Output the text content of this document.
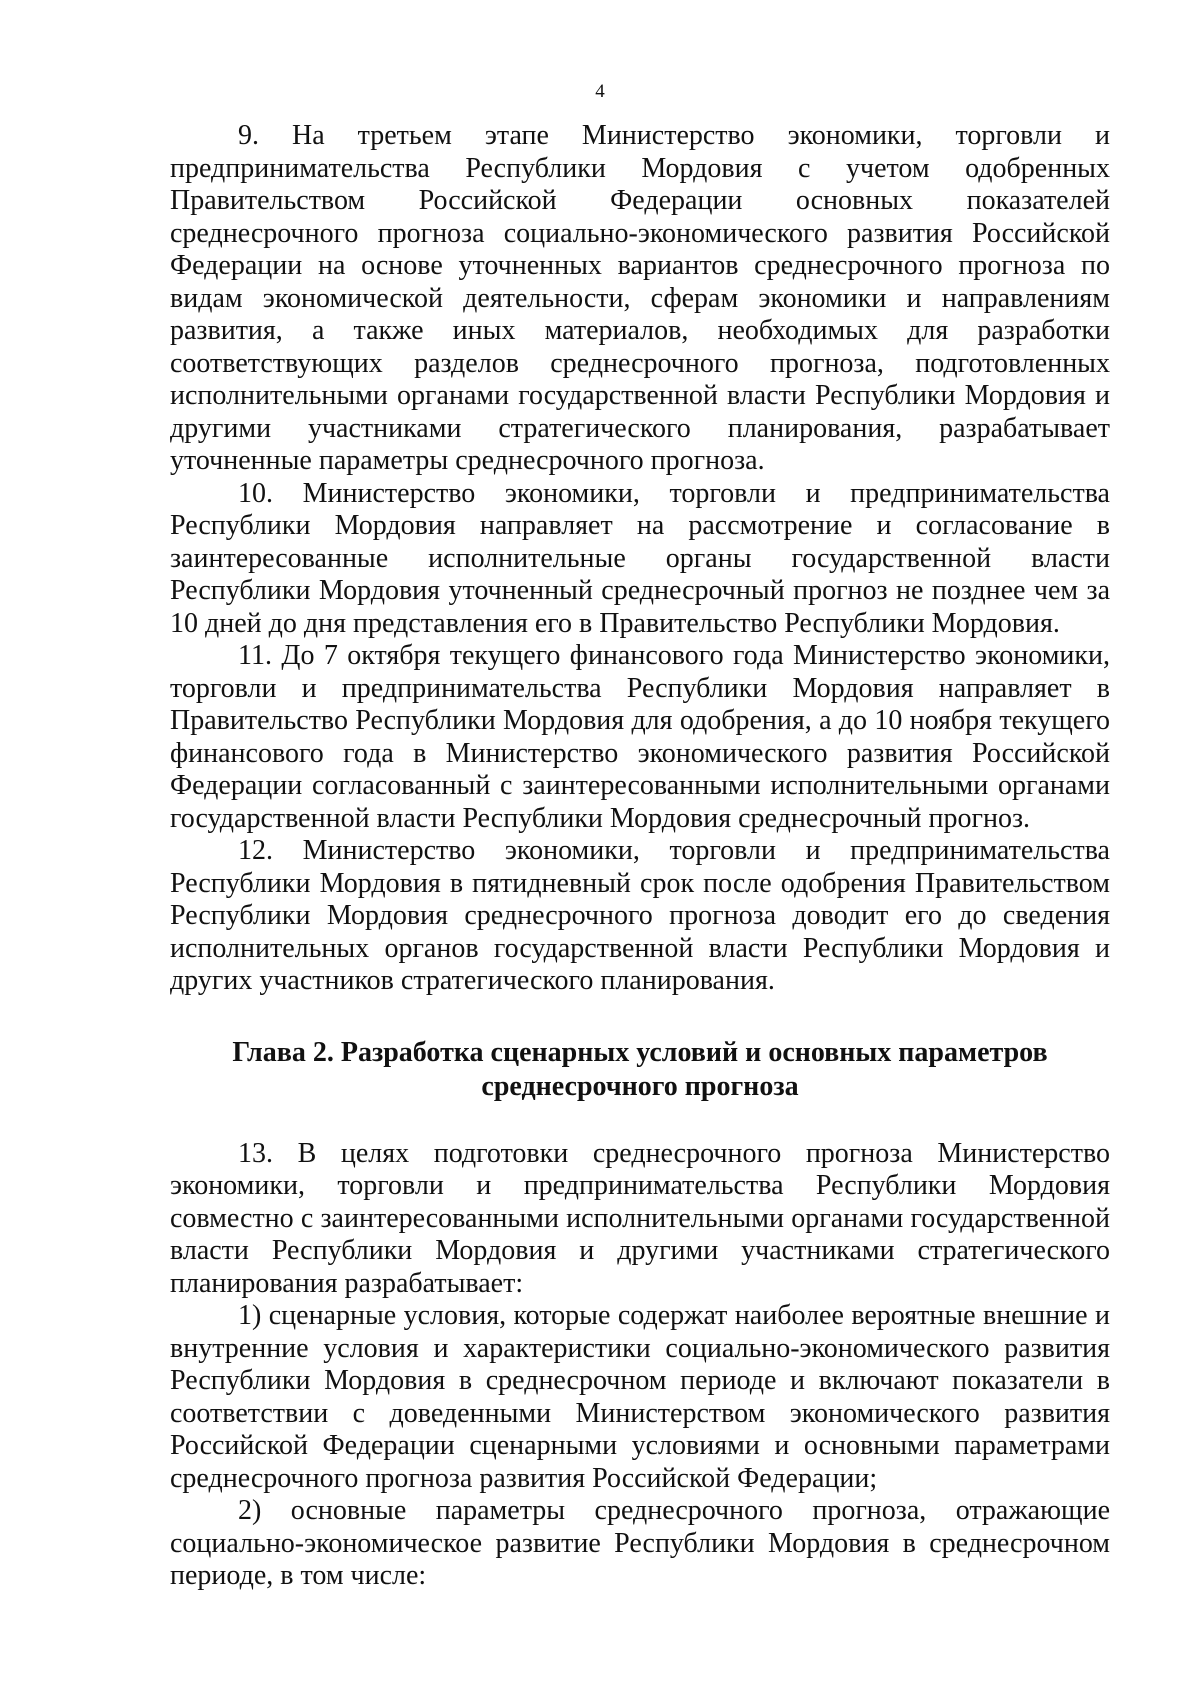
4

9. На третьем этапе Министерство экономики, торговли и предпринимательства Республики Мордовия с учетом одобренных Правительством Российской Федерации основных показателей среднесрочного прогноза социально-экономического развития Российской Федерации на основе уточненных вариантов среднесрочного прогноза по видам экономической деятельности, сферам экономики и направлениям развития, а также иных материалов, необходимых для разработки соответствующих разделов среднесрочного прогноза, подготовленных исполнительными органами государственной власти Республики Мордовия и другими участниками стратегического планирования, разрабатывает уточненные параметры среднесрочного прогноза.

10. Министерство экономики, торговли и предпринимательства Республики Мордовия направляет на рассмотрение и согласование в заинтересованные исполнительные органы государственной власти Республики Мордовия уточненный среднесрочный прогноз не позднее чем за 10 дней до дня представления его в Правительство Республики Мордовия.

11. До 7 октября текущего финансового года Министерство экономики, торговли и предпринимательства Республики Мордовия направляет в Правительство Республики Мордовия для одобрения, а до 10 ноября текущего финансового года в Министерство экономического развития Российской Федерации согласованный с заинтересованными исполнительными органами государственной власти Республики Мордовия среднесрочный прогноз.

12. Министерство экономики, торговли и предпринимательства Республики Мордовия в пятидневный срок после одобрения Правительством Республики Мордовия среднесрочного прогноза доводит его до сведения исполнительных органов государственной власти Республики Мордовия и других участников стратегического планирования.

Глава 2. Разработка сценарных условий и основных параметров
среднесрочного прогноза

13. В целях подготовки среднесрочного прогноза Министерство экономики, торговли и предпринимательства Республики Мордовия совместно с заинтересованными исполнительными органами государственной власти Республики Мордовия и другими участниками стратегического планирования разрабатывает:

1) сценарные условия, которые содержат наиболее вероятные внешние и внутренние условия и характеристики социально-экономического развития Республики Мордовия в среднесрочном периоде и включают показатели в соответствии с доведенными Министерством экономического развития Российской Федерации сценарными условиями и основными параметрами среднесрочного прогноза развития Российской Федерации;

2) основные параметры среднесрочного прогноза, отражающие социально-экономическое развитие Республики Мордовия в среднесрочном периоде, в том числе:
